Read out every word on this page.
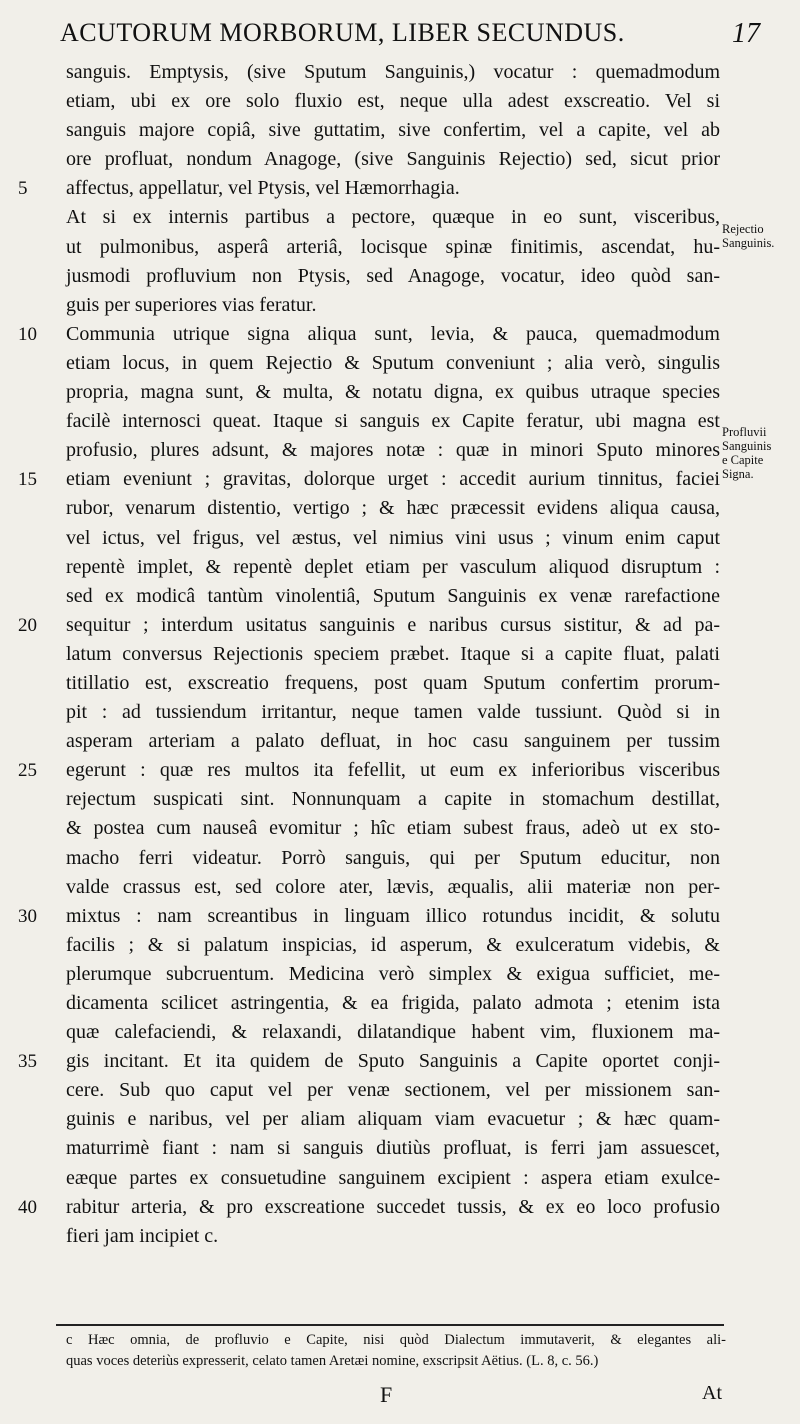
ACUTORUM MORBORUM, LIBER SECUNDUS.	17
sanguis. Emptysis, (sive Sputum Sanguinis,) vocatur : quemadmodum
etiam, ubi ex ore solo fluxio est, neque ulla adest exscreatio. Vel si
sanguis majore copiâ, sive guttatim, sive confertim, vel a capite, vel ab
ore profluat, nondum Anagoge, (sive Sanguinis Rejectio) sed, sicut prior
5	affectus, appellatur, vel Ptysis, vel Hæmorrhagia.
At si ex internis partibus a pectore, quæque in eo sunt, visceribus,
ut pulmonibus, asperâ arteriâ, locisque spinæ finitimis, ascendat, hu-
jusmodi profluvium non Ptysis, sed Anagoge, vocatur, ideo quòd san-
guis per superiores vias feratur.
10	Communia utrique signa aliqua sunt, levia, & pauca, quemadmodum
etiam locus, in quem Rejectio & Sputum conveniunt ; alia verò, singulis
propria, magna sunt, & multa, & notatu digna, ex quibus utraque species
facilè internosci queat. Itaque si sanguis ex Capite feratur, ubi magna est
profusio, plures adsunt, & majores notæ : quæ in minori Sputo minores
15	etiam eveniunt ; gravitas, dolorque urget : accedit aurium tinnitus, faciei
rubor, venarum distentio, vertigo ; & hæc præcessit evidens aliqua causa,
vel ictus, vel frigus, vel æstus, vel nimius vini usus ; vinum enim caput
repentè implet, & repentè deplet etiam per vasculum aliquod disruptum :
sed ex modicâ tantùm vinolentiâ, Sputum Sanguinis ex venæ rarefactione
20	sequitur ; interdum usitatus sanguinis e naribus cursus sistitur, & ad pa-
latum conversus Rejectionis speciem præbet. Itaque si a capite fluat, palati
titillatio est, exscreatio frequens, post quam Sputum confertim prorum-
pit : ad tussiendum irritantur, neque tamen valde tussiunt. Quòd si in
asperam arteriam a palato defluat, in hoc casu sanguinem per tussim
25	egerunt : quæ res multos ita fefellit, ut eum ex inferioribus visceribus
rejectum suspicati sint. Nonnunquam a capite in stomachum destillat,
& postea cum nauseâ evomitur ; hîc etiam subest fraus, adeò ut ex sto-
macho ferri videatur. Porrò sanguis, qui per Sputum educitur, non
valde crassus est, sed colore ater, lævis, æqualis, alii materiæ non per-
30	mixtus : nam screantibus in linguam illico rotundus incidit, & solutu
facilis ; & si palatum inspicias, id asperum, & exulceratum videbis, &
plerumque subcruentum. Medicina verò simplex & exigua sufficiet, me-
dicamenta scilicet astringentia, & ea frigida, palato admota ; etenim ista
quæ calefaciendi, & relaxandi, dilatandique habent vim, fluxionem ma-
35	gis incitant. Et ita quidem de Sputo Sanguinis a Capite oportet conji-
cere. Sub quo caput vel per venæ sectionem, vel per missionem san-
guinis e naribus, vel per aliam aliquam viam evacuetur ; & hæc quam-
maturrimè fiant : nam si sanguis diutiùs profluat, is ferri jam assuescet,
eæque partes ex consuetudine sanguinem excipient : aspera etiam exulce-
40	rabitur arteria, & pro exscreatione succedet tussis, & ex eo loco profusio
fieri jam incipiet c.
Rejectio
Sanguinis.
Profluvii
Sanguinis
e Capite
Signa.
c Hæc omnia, de profluvio e Capite, nisi quòd Dialectum immutaverit, & elegantes ali-
quas voces deteriùs expresserit, celato tamen Aretæi nomine, exscripsit Aëtius. (L. 8, c. 56.)
F	At
